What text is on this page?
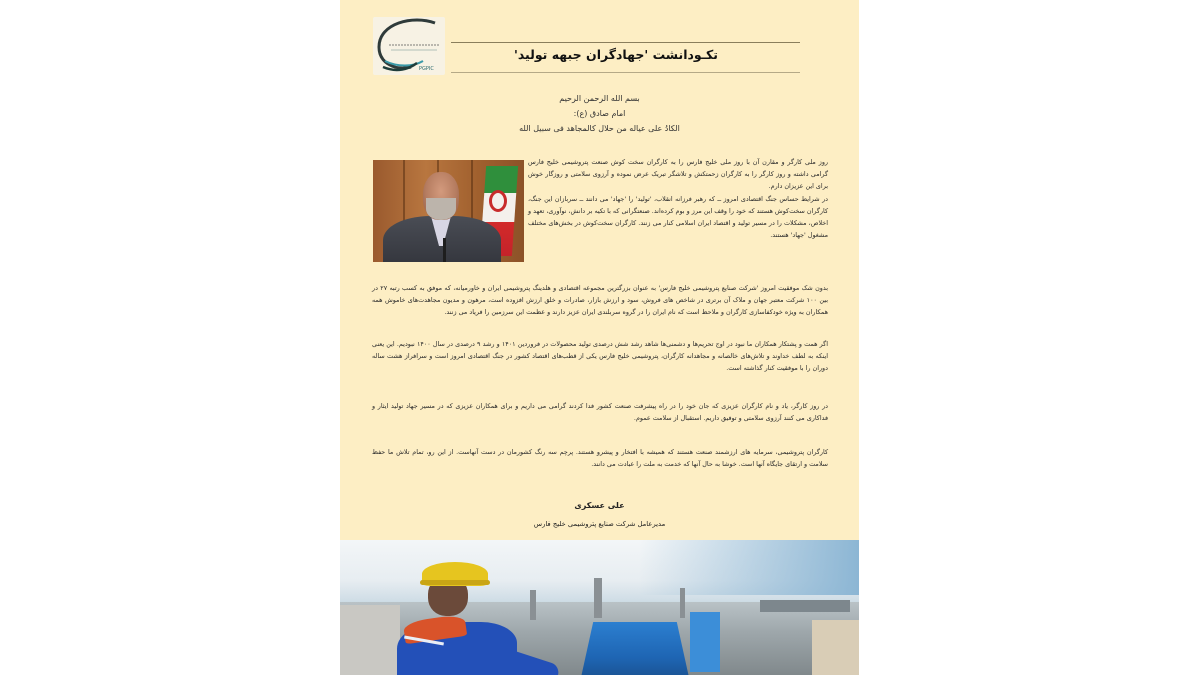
PGPIC
تکـودانشت 'جهادگران جبهه تولید'
بسم الله الرحمن الرحیم
امام صادق (ع):
الکادُ علی عیاله من حلال کالمجاهد فی سبیل الله
روز ملی کارگر و مقارن آن با روز ملی خلیج فارس را به کارگران سخت کوش صنعت پتروشیمی خلیج فارس گرامی داشته و روز کارگر را به کارگران زحمتکش و تلاشگر تبریک عرض نموده و آرزوی سلامتی و روزگار خوش برای این عزیزان دارم.
در شرایط حساس جنگ اقتصادی امروز ــ که رهبر فرزانه انقلاب، 'تولید' را 'جهاد' می دانند ــ سربازان این جنگ، کارگران سخت‌کوش هستند که خود را وقف این مرز و بوم کرده‌اند. صنعتگرانی که با تکیه بر دانش، نوآوری، تعهد و اخلاص، مشکلات را در مسیر تولید و اقتصاد ایران اسلامی کنار می زنند. کارگران سخت‌کوش در بخش‌های مختلف مشغول 'جهاد' هستند.
بدون شک موفقیت امروز 'شرکت صنایع پتروشیمی خلیج فارس' به عنوان بزرگترین مجموعه اقتصادی و هلدینگ پتروشیمی ایران و خاورمیانه، که موفق به کسب رتبه ۲۷ در بین ۱۰۰ شرکت معتبر جهان و ملاک آن برتری در شاخص های فروش، سود و ارزش بازار، صادرات و خلق ارزش افزوده است، مرهون و مدیون مجاهدت‌های خاموش همه همکاران به ویژه خودکفاسازی کارگران و ملاحظ است که نام ایران را در گروه سربلندی ایران عزیز دارند و عظمت این سرزمین را فریاد می زنند.
اگر همت و پشتکار همکاران ما نبود در اوج تحریم‌ها و دشمنی‌ها شاهد رشد شش درصدی تولید محصولات در فروردین ۱۴۰۱ و رشد ۹ درصدی در سال ۱۴۰۰ نبودیم. این یعنی اینکه به لطف خداوند و تلاش‌های خالصانه و مجاهدانه کارگران، پتروشیمی خلیج فارس یکی از قطب‌های اقتصاد کشور در جنگ اقتصادی امروز است و سرافراز هشت ساله دوران را با موفقیت کنار گذاشته است.
در روز کارگر، یاد و نام کارگران عزیزی که جان خود را در راه پیشرفت صنعت کشور فدا کردند گرامی می داریم و برای همکاران عزیزی که در مسیر جهاد تولید ایثار و فداکاری می کنند آرزوی سلامتی و توفیق داریم. استقبال از سلامت عموم.
کارگران پتروشیمی، سرمایه های ارزشمند صنعت هستند که همیشه با افتخار و پیشرو هستند. پرچم سه رنگ کشورمان در دست آنهاست. از این رو، تمام تلاش ما حفظ سلامت و ارتقای جایگاه آنها است. خوشا به حال آنها که خدمت به ملت را عبادت می دانند.
علی عسکری
مدیرعامل شرکت صنایع پتروشیمی خلیج فارس
